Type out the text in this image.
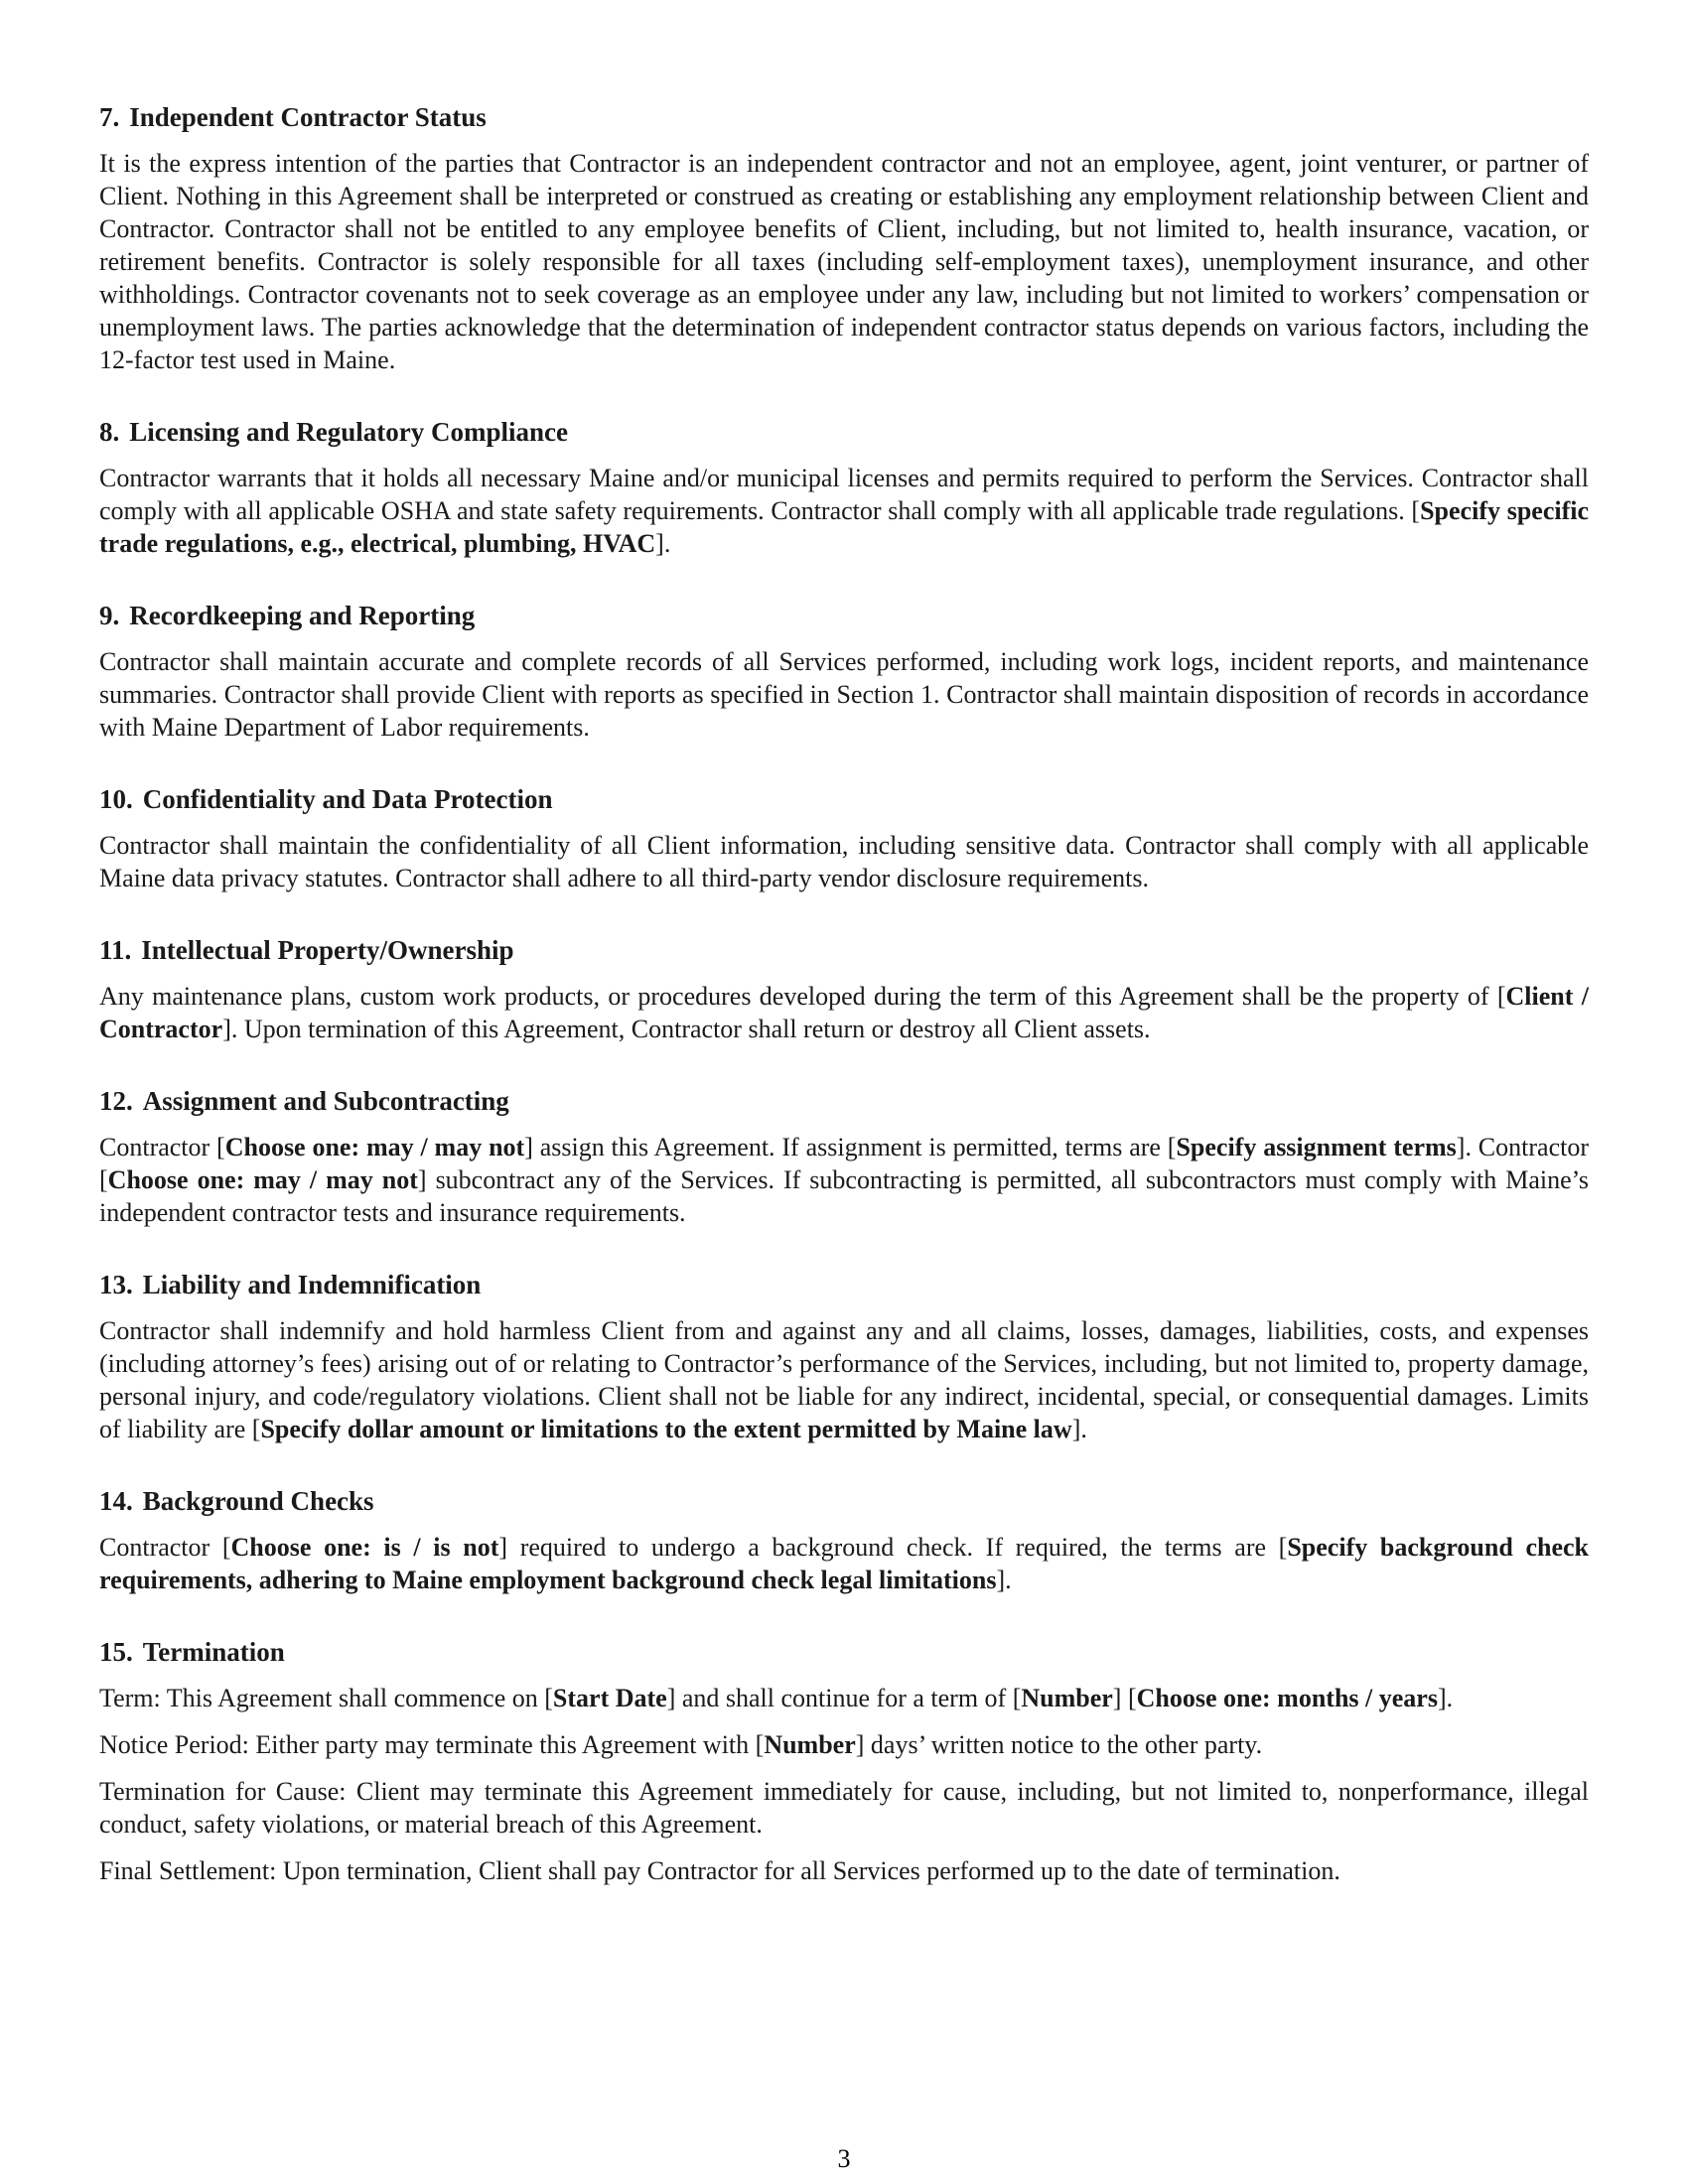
7. Independent Contractor Status

It is the express intention of the parties that Contractor is an independent contractor and not an employee, agent, joint venturer, or partner of Client. Nothing in this Agreement shall be interpreted or construed as creating or establishing any employment relationship between Client and Contractor. Contractor shall not be entitled to any employee benefits of Client, including, but not limited to, health insurance, vacation, or retirement benefits. Contractor is solely responsible for all taxes (including self-employment taxes), unemployment insurance, and other withholdings. Contractor covenants not to seek coverage as an employee under any law, including but not limited to workers’ compensation or unemployment laws. The parties acknowledge that the determination of independent contractor status depends on various factors, including the 12-factor test used in Maine.

8. Licensing and Regulatory Compliance

Contractor warrants that it holds all necessary Maine and/or municipal licenses and permits required to perform the Services. Contractor shall comply with all applicable OSHA and state safety requirements. Contractor shall comply with all applicable trade regulations. [Specify specific trade regulations, e.g., electrical, plumbing, HVAC].

9. Recordkeeping and Reporting

Contractor shall maintain accurate and complete records of all Services performed, including work logs, incident reports, and maintenance summaries. Contractor shall provide Client with reports as specified in Section 1. Contractor shall maintain disposition of records in accordance with Maine Department of Labor requirements.

10. Confidentiality and Data Protection

Contractor shall maintain the confidentiality of all Client information, including sensitive data. Contractor shall comply with all applicable Maine data privacy statutes. Contractor shall adhere to all third-party vendor disclosure requirements.

11. Intellectual Property/Ownership

Any maintenance plans, custom work products, or procedures developed during the term of this Agreement shall be the property of [Client / Contractor]. Upon termination of this Agreement, Contractor shall return or destroy all Client assets.

12. Assignment and Subcontracting

Contractor [Choose one: may / may not] assign this Agreement. If assignment is permitted, terms are [Specify assignment terms]. Contractor [Choose one: may / may not] subcontract any of the Services. If subcontracting is permitted, all subcontractors must comply with Maine’s independent contractor tests and insurance requirements.

13. Liability and Indemnification

Contractor shall indemnify and hold harmless Client from and against any and all claims, losses, damages, liabilities, costs, and expenses (including attorney’s fees) arising out of or relating to Contractor’s performance of the Services, including, but not limited to, property damage, personal injury, and code/regulatory violations. Client shall not be liable for any indirect, incidental, special, or consequential damages. Limits of liability are [Specify dollar amount or limitations to the extent permitted by Maine law].

14. Background Checks

Contractor [Choose one: is / is not] required to undergo a background check. If required, the terms are [Specify background check requirements, adhering to Maine employment background check legal limitations].

15. Termination

Term: This Agreement shall commence on [Start Date] and shall continue for a term of [Number] [Choose one: months / years].

Notice Period: Either party may terminate this Agreement with [Number] days’ written notice to the other party.

Termination for Cause: Client may terminate this Agreement immediately for cause, including, but not limited to, nonperformance, illegal conduct, safety violations, or material breach of this Agreement.

Final Settlement: Upon termination, Client shall pay Contractor for all Services performed up to the date of termination.

3
